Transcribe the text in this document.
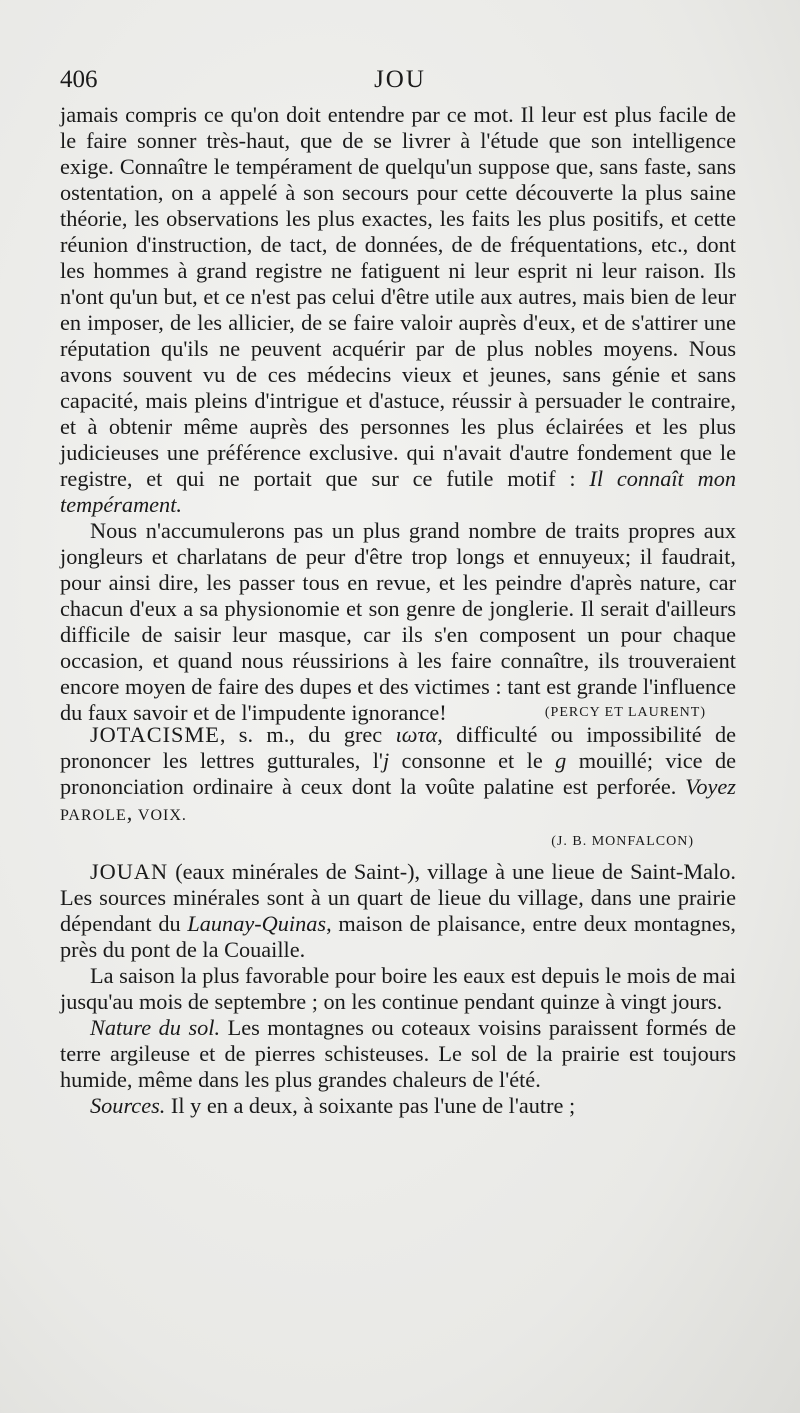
406	JOU

jamais compris ce qu'on doit entendre par ce mot. Il leur est plus facile de le faire sonner très-haut, que de se livrer à l'étude que son intelligence exige. Connaître le tempérament de quelqu'un suppose que, sans faste, sans ostentation, on a appelé à son secours pour cette découverte la plus saine théorie, les observations les plus exactes, les faits les plus positifs, et cette réunion d'instruction, de tact, de données, de de fréquentations, etc., dont les hommes à grand registre ne fatiguent ni leur esprit ni leur raison. Ils n'ont qu'un but, et ce n'est pas celui d'être utile aux autres, mais bien de leur en imposer, de les allicier, de se faire valoir auprès d'eux, et de s'attirer une réputation qu'ils ne peuvent acquérir par de plus nobles moyens. Nous avons souvent vu de ces médecins vieux et jeunes, sans génie et sans capacité, mais pleins d'intrigue et d'astuce, réussir à persuader le contraire, et à obtenir même auprès des personnes les plus éclairées et les plus judicieuses une préférence exclusive. qui n'avait d'autre fondement que le registre, et qui ne portait que sur ce futile motif : Il connaît mon tempérament.

Nous n'accumulerons pas un plus grand nombre de traits propres aux jongleurs et charlatans de peur d'être trop longs et ennuyeux; il faudrait, pour ainsi dire, les passer tous en revue, et les peindre d'après nature, car chacun d'eux a sa physionomie et son genre de jonglerie. Il serait d'ailleurs difficile de saisir leur masque, car ils s'en composent un pour chaque occasion, et quand nous réussirions à les faire connaître, ils trouveraient encore moyen de faire des dupes et des victimes : tant est grande l'influence du faux savoir et de l'impudente ignorance!	(PERCY ET LAURENT)

JOTACISME, s. m., du grec ιωτα, difficulté ou impossibilité de prononcer les lettres gutturales, l'j consonne et le g mouillé; vice de prononciation ordinaire à ceux dont la voûte palatine est perforée. Voyez PAROLE, VOIX.

(J. B. MONFALCON)

JOUAN (eaux minérales de Saint-), village à une lieue de Saint-Malo. Les sources minérales sont à un quart de lieue du village, dans une prairie dépendant du Launay-Quinas, maison de plaisance, entre deux montagnes, près du pont de la Couaille.

La saison la plus favorable pour boire les eaux est depuis le mois de mai jusqu'au mois de septembre ; on les continue pendant quinze à vingt jours.

Nature du sol. Les montagnes ou coteaux voisins paraissent formés de terre argileuse et de pierres schisteuses. Le sol de la prairie est toujours humide, même dans les plus grandes chaleurs de l'été.

Sources. Il y en a deux, à soixante pas l'une de l'autre ;
